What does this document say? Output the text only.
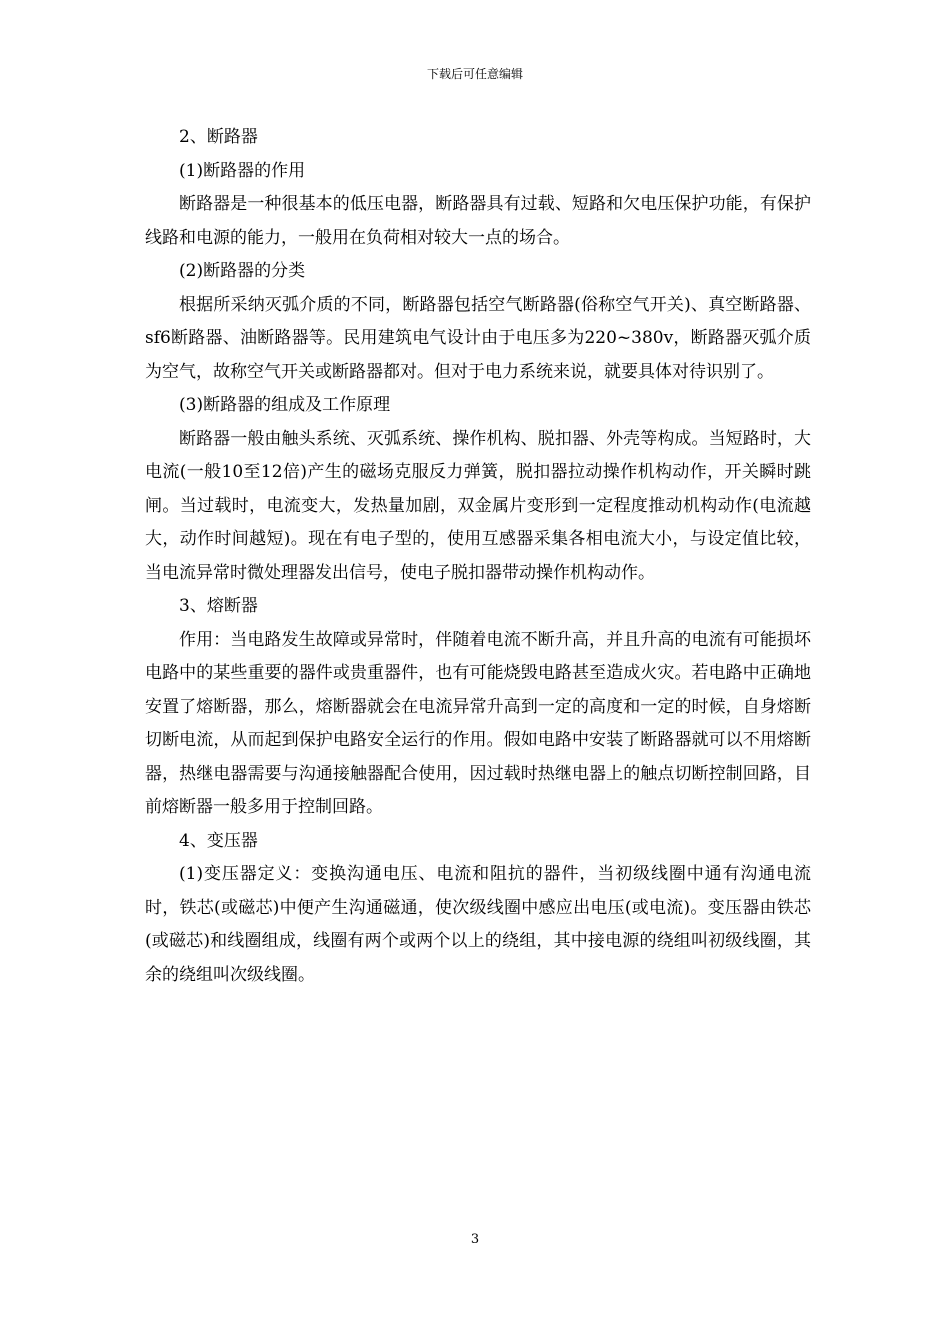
下载后可任意编辑

2、断路器

(1)断路器的作用

断路器是一种很基本的低压电器，断路器具有过载、短路和欠电压保护功能，有保护线路和电源的能力，一般用在负荷相对较大一点的场合。

(2)断路器的分类

根据所采纳灭弧介质的不同，断路器包括空气断路器(俗称空气开关)、真空断路器、sf6断路器、油断路器等。民用建筑电气设计由于电压多为220~380v，断路器灭弧介质为空气，故称空气开关或断路器都对。但对于电力系统来说，就要具体对待识别了。

(3)断路器的组成及工作原理

断路器一般由触头系统、灭弧系统、操作机构、脱扣器、外壳等构成。当短路时，大电流(一般10至12倍)产生的磁场克服反力弹簧，脱扣器拉动操作机构动作，开关瞬时跳闸。当过载时，电流变大，发热量加剧，双金属片变形到一定程度推动机构动作(电流越大，动作时间越短)。现在有电子型的，使用互感器采集各相电流大小，与设定值比较，当电流异常时微处理器发出信号，使电子脱扣器带动操作机构动作。

3、熔断器

作用：当电路发生故障或异常时，伴随着电流不断升高，并且升高的电流有可能损坏电路中的某些重要的器件或贵重器件，也有可能烧毁电路甚至造成火灾。若电路中正确地安置了熔断器，那么，熔断器就会在电流异常升高到一定的高度和一定的时候，自身熔断切断电流，从而起到保护电路安全运行的作用。假如电路中安装了断路器就可以不用熔断器，热继电器需要与沟通接触器配合使用，因过载时热继电器上的触点切断控制回路，目前熔断器一般多用于控制回路。

4、变压器

(1)变压器定义：变换沟通电压、电流和阻抗的器件，当初级线圈中通有沟通电流时，铁芯(或磁芯)中便产生沟通磁通，使次级线圈中感应出电压(或电流)。变压器由铁芯(或磁芯)和线圈组成，线圈有两个或两个以上的绕组，其中接电源的绕组叫初级线圈，其余的绕组叫次级线圈。

3
